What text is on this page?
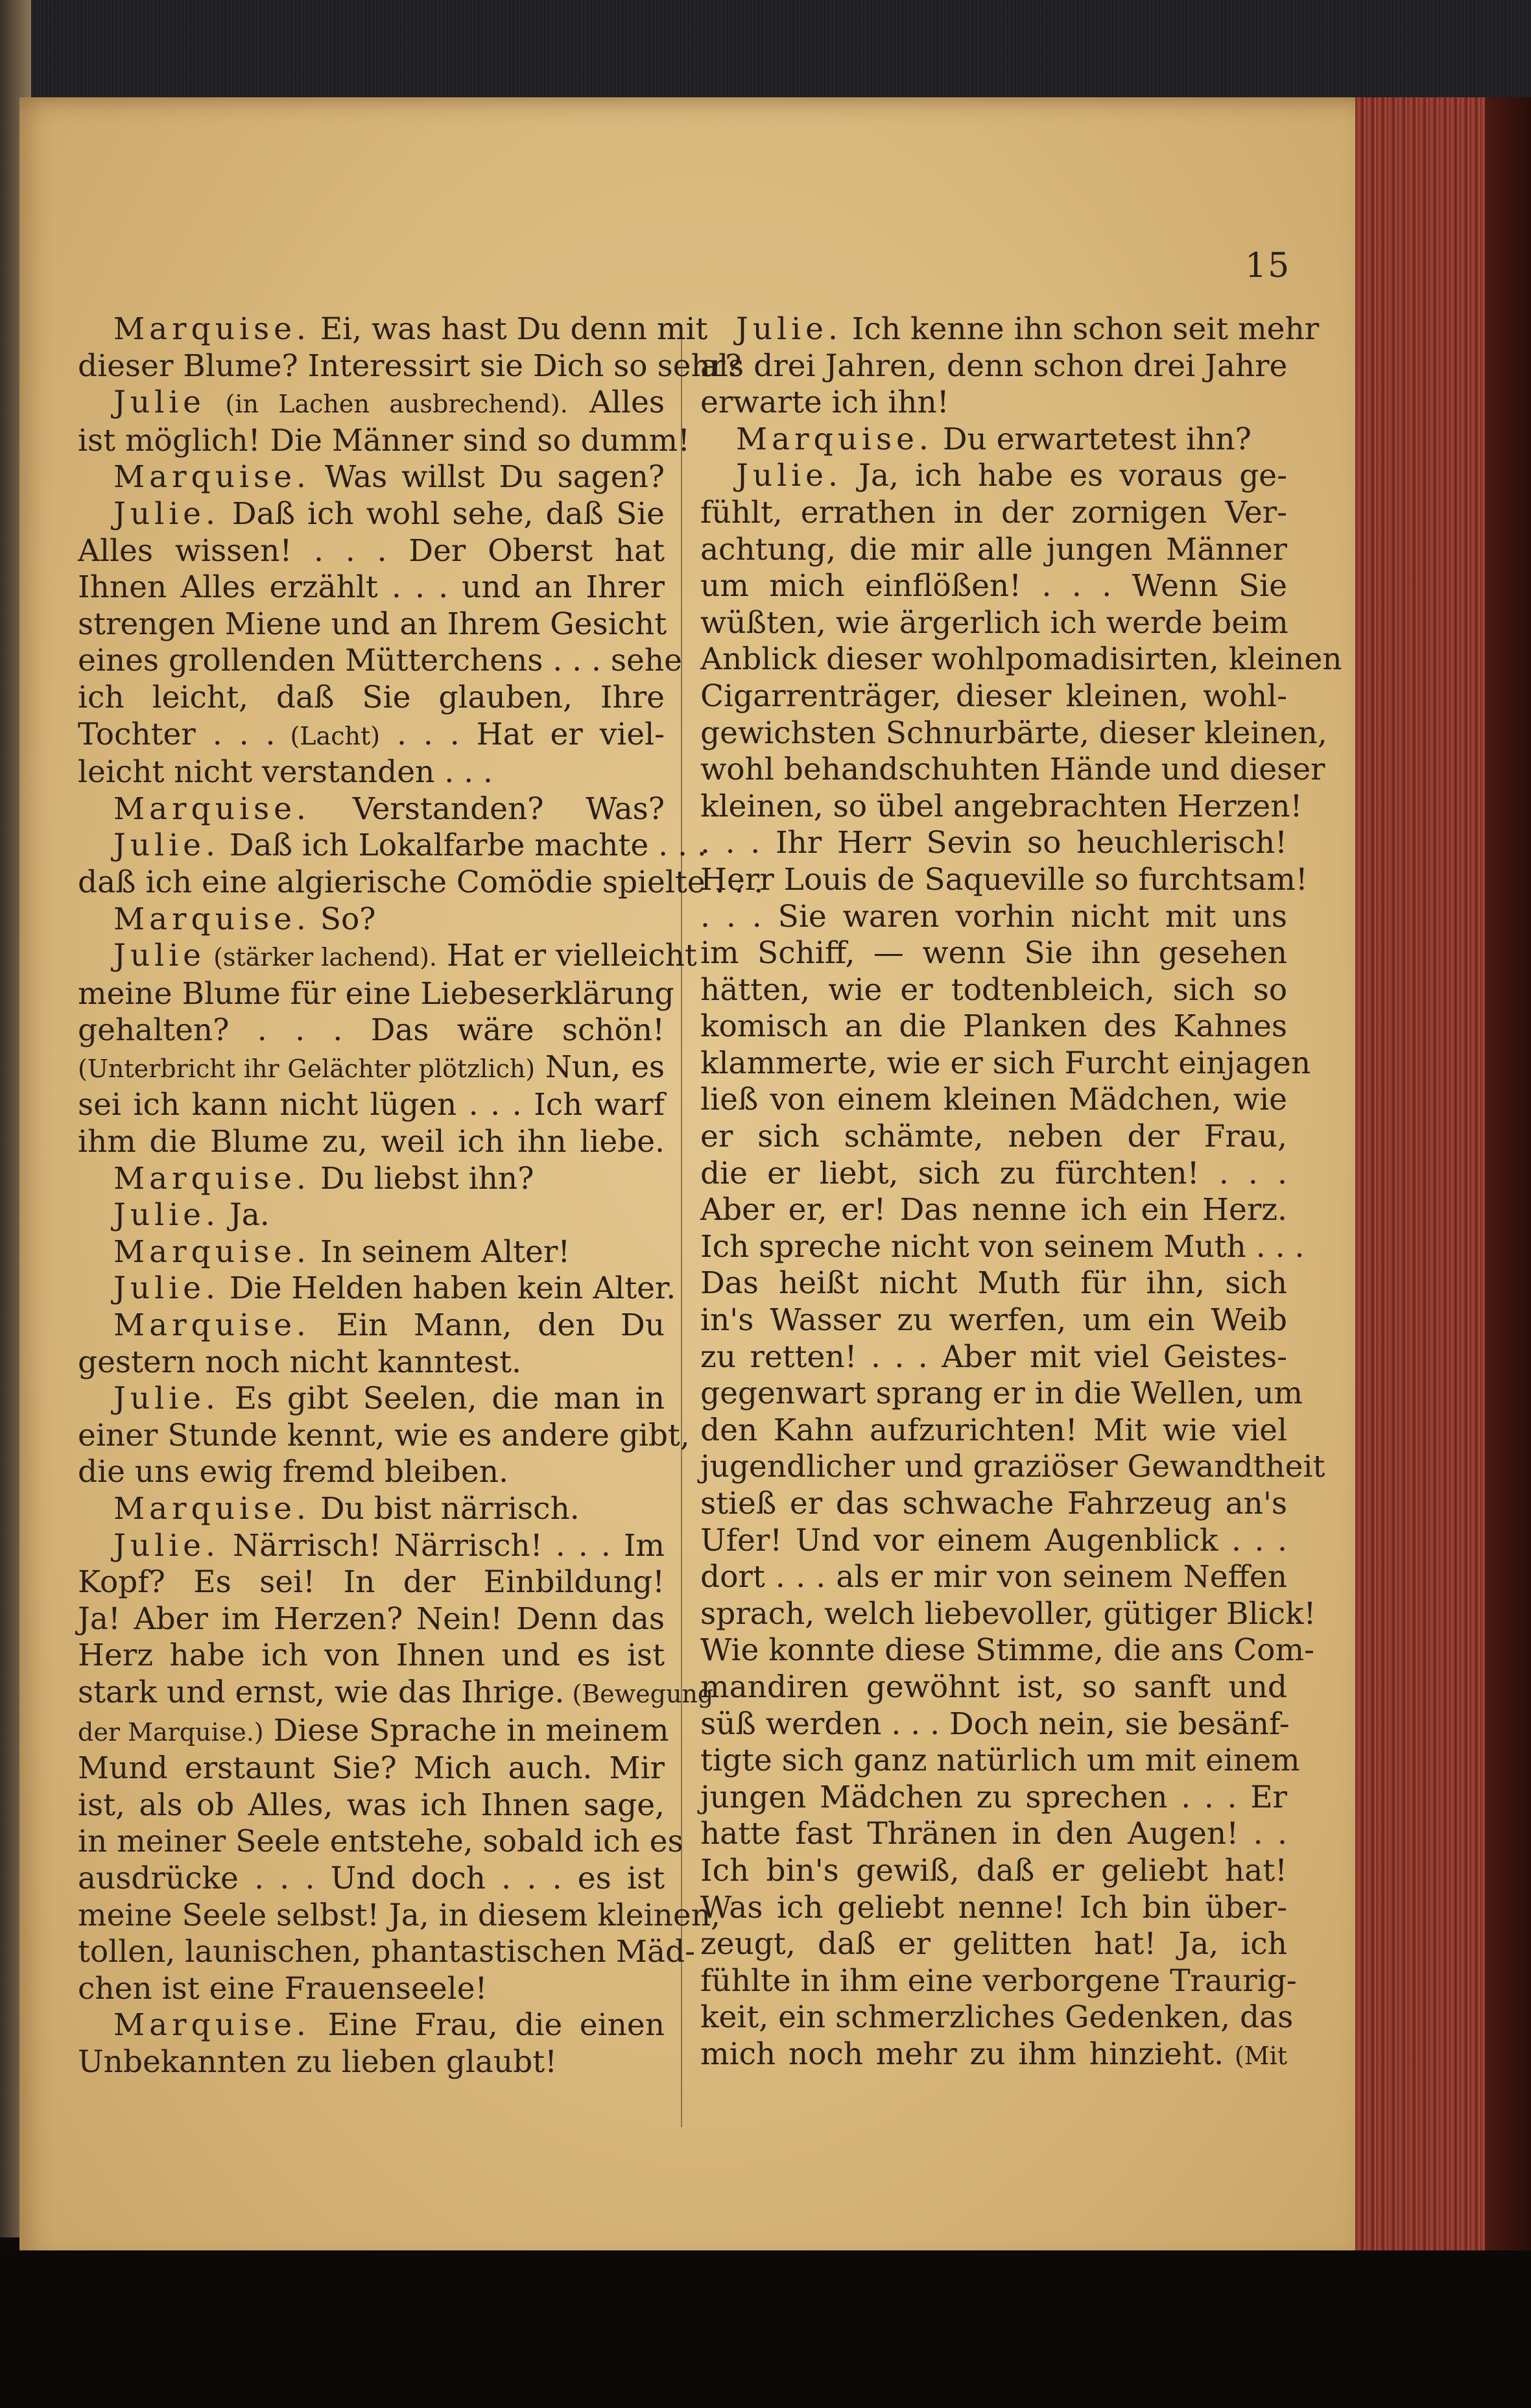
15
Marquise. Ei, was hast Du denn mit
dieser Blume? Interessirt sie Dich so sehr?
Julie (in Lachen ausbrechend). Alles
ist möglich! Die Männer sind so dumm!
Marquise. Was willst Du sagen?
Julie. Daß ich wohl sehe, daß Sie
Alles wissen! . . . Der Oberst hat
Ihnen Alles erzählt . . . und an Ihrer
strengen Miene und an Ihrem Gesicht
eines grollenden Mütterchens . . . sehe
ich leicht, daß Sie glauben, Ihre
Tochter . . . (Lacht) . . . Hat er viel-
leicht nicht verstanden . . .
Marquise. Verstanden? Was?
Julie. Daß ich Lokalfarbe machte . . .
daß ich eine algierische Comödie spielte . . .
Marquise. So?
Julie (stärker lachend). Hat er vielleicht
meine Blume für eine Liebeserklärung
gehalten? . . . Das wäre schön!
(Unterbricht ihr Gelächter plötzlich) Nun, es
sei ich kann nicht lügen . . . Ich warf
ihm die Blume zu, weil ich ihn liebe.
Marquise. Du liebst ihn?
Julie. Ja.
Marquise. In seinem Alter!
Julie. Die Helden haben kein Alter.
Marquise. Ein Mann, den Du
gestern noch nicht kanntest.
Julie. Es gibt Seelen, die man in
einer Stunde kennt, wie es andere gibt,
die uns ewig fremd bleiben.
Marquise. Du bist närrisch.
Julie. Närrisch! Närrisch! . . . Im
Kopf? Es sei! In der Einbildung!
Ja! Aber im Herzen? Nein! Denn das
Herz habe ich von Ihnen und es ist
stark und ernst, wie das Ihrige. (Bewegung
der Marquise.) Diese Sprache in meinem
Mund erstaunt Sie? Mich auch. Mir
ist, als ob Alles, was ich Ihnen sage,
in meiner Seele entstehe, sobald ich es
ausdrücke . . . Und doch . . . es ist
meine Seele selbst! Ja, in diesem kleinen,
tollen, launischen, phantastischen Mäd-
chen ist eine Frauenseele!
Marquise. Eine Frau, die einen
Unbekannten zu lieben glaubt!
Julie. Ich kenne ihn schon seit mehr
als drei Jahren, denn schon drei Jahre
erwarte ich ihn!
Marquise. Du erwartetest ihn?
Julie. Ja, ich habe es voraus ge-
fühlt, errathen in der zornigen Ver-
achtung, die mir alle jungen Männer
um mich einflößen! . . . Wenn Sie
wüßten, wie ärgerlich ich werde beim
Anblick dieser wohlpomadisirten, kleinen
Cigarrenträger, dieser kleinen, wohl-
gewichsten Schnurbärte, dieser kleinen,
wohl behandschuhten Hände und dieser
kleinen, so übel angebrachten Herzen!
. . . Ihr Herr Sevin so heuchlerisch!
Herr Louis de Saqueville so furchtsam!
. . . Sie waren vorhin nicht mit uns
im Schiff, — wenn Sie ihn gesehen
hätten, wie er todtenbleich, sich so
komisch an die Planken des Kahnes
klammerte, wie er sich Furcht einjagen
ließ von einem kleinen Mädchen, wie
er sich schämte, neben der Frau,
die er liebt, sich zu fürchten! . . .
Aber er, er! Das nenne ich ein Herz.
Ich spreche nicht von seinem Muth . . .
Das heißt nicht Muth für ihn, sich
in's Wasser zu werfen, um ein Weib
zu retten! . . . Aber mit viel Geistes-
gegenwart sprang er in die Wellen, um
den Kahn aufzurichten! Mit wie viel
jugendlicher und graziöser Gewandtheit
stieß er das schwache Fahrzeug an's
Ufer! Und vor einem Augenblick . . .
dort . . . als er mir von seinem Neffen
sprach, welch liebevoller, gütiger Blick!
Wie konnte diese Stimme, die ans Com-
mandiren gewöhnt ist, so sanft und
süß werden . . . Doch nein, sie besänf-
tigte sich ganz natürlich um mit einem
jungen Mädchen zu sprechen . . . Er
hatte fast Thränen in den Augen! . .
Ich bin's gewiß, daß er geliebt hat!
Was ich geliebt nenne! Ich bin über-
zeugt, daß er gelitten hat! Ja, ich
fühlte in ihm eine verborgene Traurig-
keit, ein schmerzliches Gedenken, das
mich noch mehr zu ihm hinzieht. (Mit
